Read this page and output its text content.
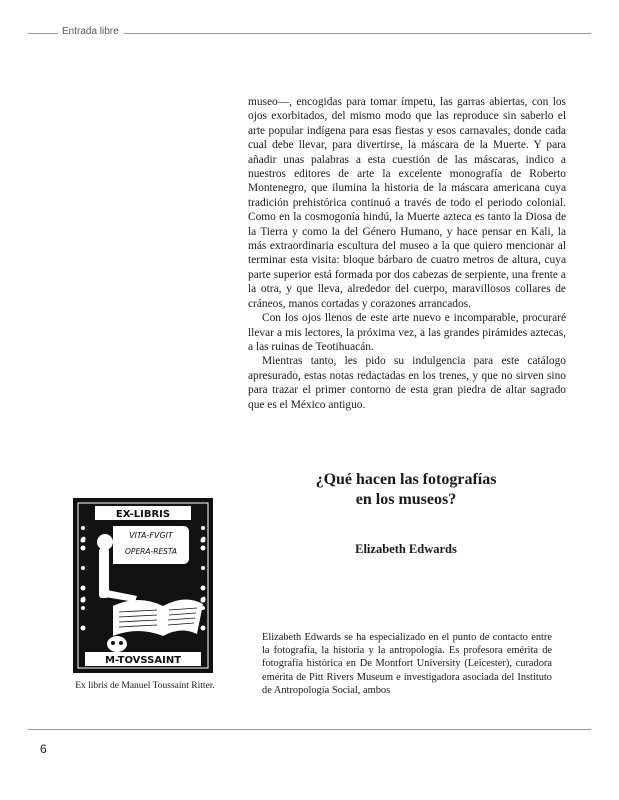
Entrada libre

museo—, encogidas para tomar ímpetu, las garras abiertas, con los ojos exorbitados, del mismo modo que las reproduce sin saberlo el arte popular indígena para esas fiestas y esos carnavales, donde cada cual debe llevar, para divertirse, la máscara de la Muerte. Y para añadir unas palabras a esta cuestión de las máscaras, indico a nuestros editores de arte la excelente monografía de Roberto Montenegro, que ilumina la historia de la máscara americana cuya tradición prehistórica continuó a través de todo el periodo colonial. Como en la cosmogonía hindú, la Muerte azteca es tanto la Diosa de la Tierra y como la del Género Humano, y hace pensar en Kali, la más extraordinaria escultura del museo a la que quiero mencionar al terminar esta visita: bloque bárbaro de cuatro metros de altura, cuya parte superior está formada por dos cabezas de serpiente, una frente a la otra, y que lleva, alrededor del cuerpo, maravillosos collares de cráneos, manos cortadas y corazones arrancados.

Con los ojos llenos de este arte nuevo e incomparable, procuraré llevar a mis lectores, la próxima vez, a las grandes pirámides aztecas, a las ruinas de Teotihuacán.

Mientras tanto, les pido su indulgencia para este catálogo apresurado, estas notas redactadas en los trenes, y que no sirven sino para trazar el primer contorno de esta gran piedra de altar sagrado que es el México antiguo.

¿Qué hacen las fotografías
en los museos?
Elizabeth Edwards
Elizabeth Edwards se ha especializado en el punto de contacto entre la fotografía, la historia y la antropología. Es profesora emérita de fotografía histórica en De Montfort University (Leicester), curadora emérita de Pitt Rivers Museum e investigadora asociada del Instituto de Antropología Social, ambos
EX-LIBRIS
VITA-FVGIT
OPERA-RESTA
M-TOVSSAINT
Ex libris de Manuel Toussaint Ritter.
6
